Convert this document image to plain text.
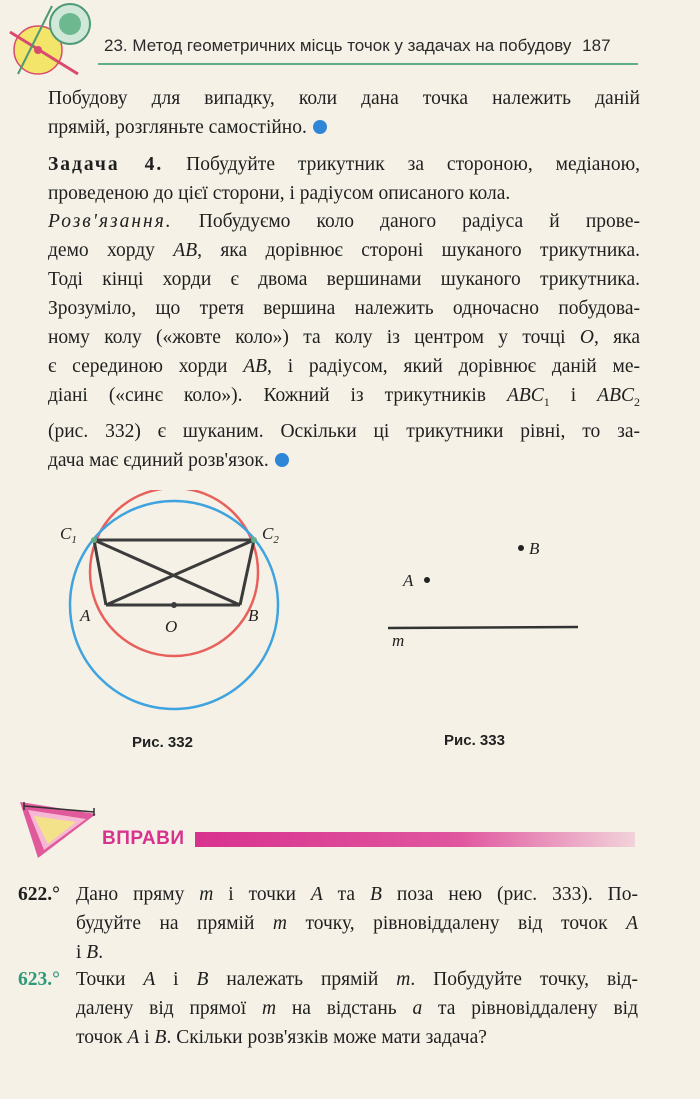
23. Метод геометричних місць точок у задачах на побудову 187
Побудову для випадку, коли дана точка належить даній
прямій, розгляньте самостійно.
Задача 4. Побудуйте трикутник за стороною, медіаною,
проведеною до цієї сторони, і радіусом описаного кола.
Розв'язання. Побудуємо коло даного радіуса й прове-
демо хорду AB, яка дорівнює стороні шуканого трикутника.
Тоді кінці хорди є двома вершинами шуканого трикутника.
Зрозуміло, що третя вершина належить одночасно побудова-
ному колу («жовте коло») та колу із центром у точці O, яка
є серединою хорди AB, і радіусом, який дорівнює даній ме-
діані («синє коло»). Кожний із трикутників $ABC_1$ і $ABC_2$
(рис. 332) є шуканим. Оскільки ці трикутники рівні, то за-
дача має єдиний розв'язок.
$C_1$	$C_2$
A	B
O
Рис. 332
B
A
m
Рис. 333
ВПРАВИ
622.° Дано пряму m і точки A та B поза нею (рис. 333). По-
будуйте на прямій m точку, рівновіддалену від точок A
і B.
623.° Точки A і B належать прямій m. Побудуйте точку, від-
далену від прямої m на відстань a та рівновіддалену від
точок A і B. Скільки розв'язків може мати задача?
